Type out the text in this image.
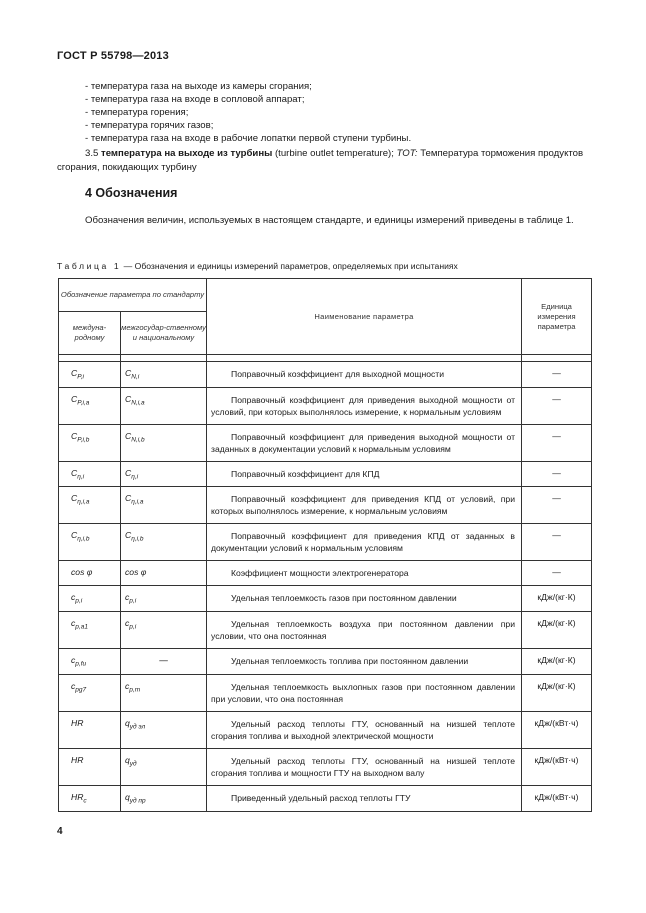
ГОСТ Р 55798—2013
- температура газа на выходе из камеры сгорания;
- температура газа на входе в сопловой аппарат;
- температура горения;
- температура горячих газов;
- температура газа на входе в рабочие лопатки первой ступени турбины.
3.5 температура на выходе из турбины (turbine outlet temperature); TOT: Температура торможения продуктов сгорания, покидающих турбину
4 Обозначения
Обозначения величин, используемых в настоящем стандарте, и единицы измерений приведены в таблице 1.
Таблица 1 — Обозначения и единицы измерений параметров, определяемых при испытаниях
Обозначение параметра по стандарту		Наименование параметра	Единица измерения параметра
междуна-родному	межгосудар-ственному и национальному		

$C_{P,i}$	$C_{N,i}$	Поправочный коэффициент для выходной мощности	—
$C_{P,i,a}$	$C_{N,i,a}$	Поправочный коэффициент для приведения выходной мощности от условий, при которых выполнялось измерение, к нормальным условиям	—
$C_{P,i,b}$	$C_{N,i,b}$	Поправочный коэффициент для приведения выходной мощности от заданных в документации условий к нормальным условиям	—
$C_{\eta,i}$	$C_{\eta,i}$	Поправочный коэффициент для КПД	—
$C_{\eta,i,a}$	$C_{\eta,i,a}$	Поправочный коэффициент для приведения КПД от условий, при которых выполнялось измерение, к нормальным условиям	—
$C_{\eta,i,b}$	$C_{\eta,i,b}$	Поправочный коэффициент для приведения КПД от заданных в документации условий к нормальным условиям	—
cos φ	cos φ	Коэффициент мощности электрогенератора	—
$c_{p,i}$	$c_{p,i}$	Удельная теплоемкость газов при постоянном давлении	кДж/(кг·К)
$c_{p,a1}$	$c_{p,i}$	Удельная теплоемкость воздуха при постоянном давлении при условии, что она постоянная	кДж/(кг·К)
$c_{p,fu}$	—	Удельная теплоемкость топлива при постоянном давлении	кДж/(кг·К)
$c_{pg7}$	$c_{p,m}$	Удельная теплоемкость выхлопных газов при постоянном давлении при условии, что она постоянная	кДж/(кг·К)
HR	$q_{уд эл}$	Удельный расход теплоты ГТУ, основанный на низшей теплоте сгорания топлива и выходной электрической мощности	кДж/(кВт·ч)
HR	$q_{уд}$	Удельный расход теплоты ГТУ, основанный на низшей теплоте сгорания топлива и мощности ГТУ на выходном валу	кДж/(кВт·ч)
$HR_c$	$q_{уд пр}$	Приведенный удельный расход теплоты ГТУ	кДж/(кВт·ч)
4
